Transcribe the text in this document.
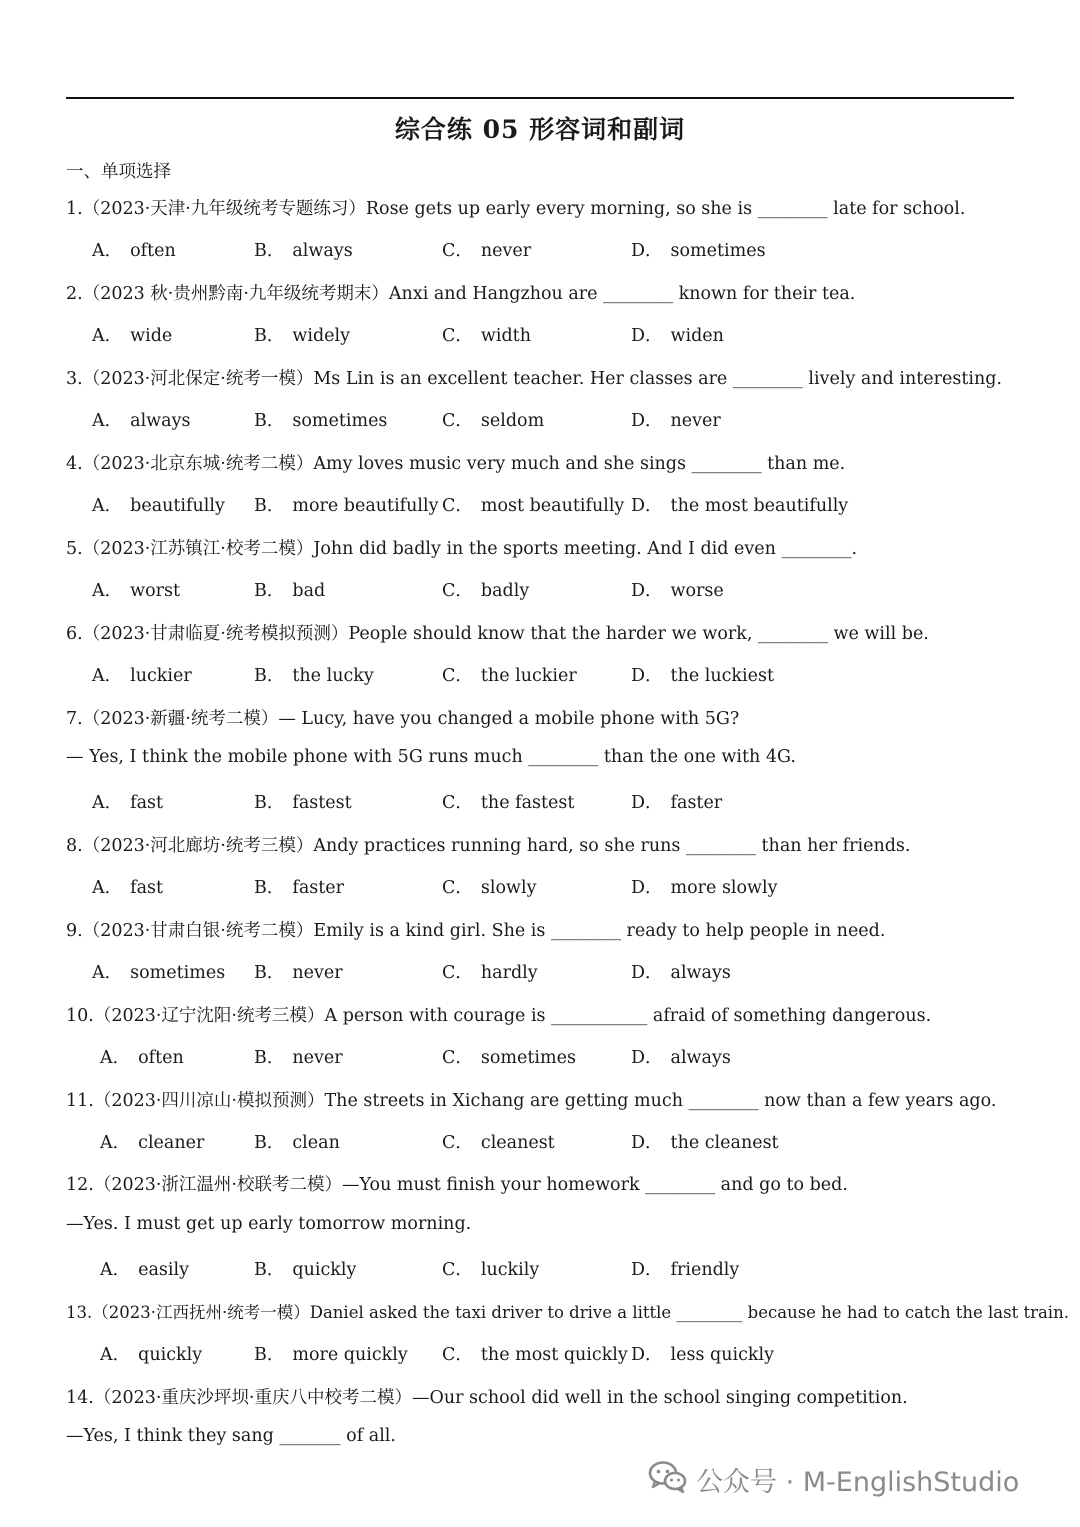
综合练 05 形容词和副词
一、单项选择
1.（2023·天津·九年级统考专题练习）Rose gets up early every morning, so she is ________ late for school.
A． often	B． always	C． never	D． sometimes
2.（2023 秋·贵州黔南·九年级统考期末）Anxi and Hangzhou are ________ known for their tea.
A． wide	B． widely	C． width	D． widen
3.（2023·河北保定·统考一模）Ms Lin is an excellent teacher. Her classes are ________ lively and interesting.
A． always	B． sometimes	C． seldom	D． never
4.（2023·北京东城·统考二模）Amy loves music very much and she sings ________ than me.
A． beautifully B． more beautifully C． most beautifully D． the most beautifully
5.（2023·江苏镇江·校考二模）John did badly in the sports meeting. And I did even ________.
A． worst	B． bad	C． badly	D． worse
6.（2023·甘肃临夏·统考模拟预测）People should know that the harder we work, ________ we will be.
A． luckier	B． the lucky	C． the luckier	D． the luckiest
7.（2023·新疆·统考二模）— Lucy, have you changed a mobile phone with 5G?
— Yes, I think the mobile phone with 5G runs much ________ than the one with 4G.
A． fast	B． fastest	C． the fastest	D． faster
8.（2023·河北廊坊·统考三模）Andy practices running hard, so she runs ________ than her friends.
A． fast	B． faster	C． slowly	D． more slowly
9.（2023·甘肃白银·统考二模）Emily is a kind girl. She is ________ ready to help people in need.
A． sometimes B． never	C． hardly	D． always
10.（2023·辽宁沈阳·统考三模）A person with courage is ___________ afraid of something dangerous.
A． often	B． never	C． sometimes	D． always
11.（2023·四川凉山·模拟预测）The streets in Xichang are getting much ________ now than a few years ago.
A． cleaner	B． clean	C． cleanest	D． the cleanest
12.（2023·浙江温州·校联考二模）—You must finish your homework ________ and go to bed.
—Yes. I must get up early tomorrow morning.
A． easily	B． quickly	C． luckily	D． friendly
13.（2023·江西抚州·统考一模）Daniel asked the taxi driver to drive a little ________ because he had to catch the last train.
A． quickly	B． more quickly C． the most quickly D． less quickly
14.（2023·重庆沙坪坝·重庆八中校考二模）—Our school did well in the school singing competition.
—Yes, I think they sang _______ of all.
公众号 · M-EnglishStudio
